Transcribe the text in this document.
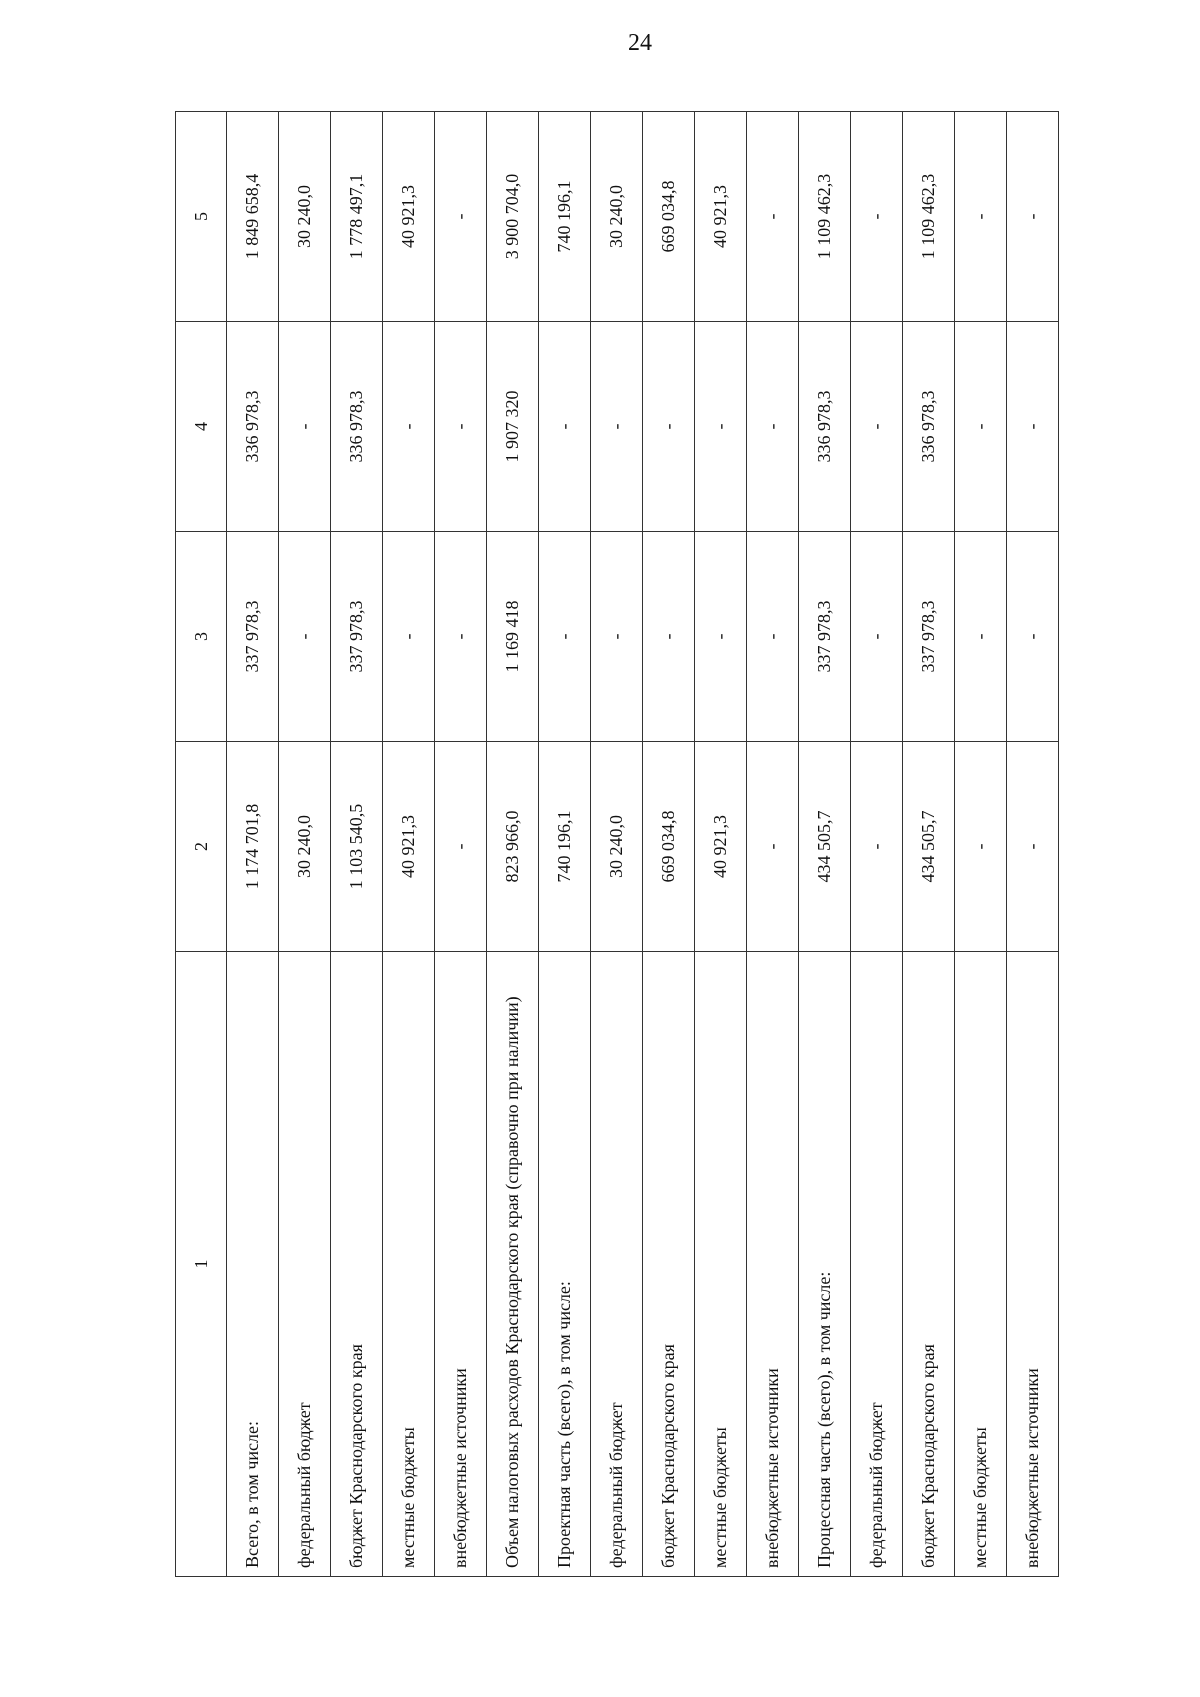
24
1	2	3	4	5
Всего, в том числе:	1 174 701,8	337 978,3	336 978,3	1 849 658,4
федеральный бюджет	30 240,0	-	-	30 240,0
бюджет Краснодарского края	1 103 540,5	337 978,3	336 978,3	1 778 497,1
местные бюджеты	40 921,3	-	-	40 921,3
внебюджетные источники	-	-	-	-
Объем налоговых расходов Краснодарского края (справочно при наличии)	823 966,0	1 169 418	1 907 320	3 900 704,0
Проектная часть (всего), в том числе:	740 196,1	-	-	740 196,1
федеральный бюджет	30 240,0	-	-	30 240,0
бюджет Краснодарского края	669 034,8	-	-	669 034,8
местные бюджеты	40 921,3	-	-	40 921,3
внебюджетные источники	-	-	-	-
Процессная часть (всего), в том числе:	434 505,7	337 978,3	336 978,3	1 109 462,3
федеральный бюджет	-	-	-	-
бюджет Краснодарского края	434 505,7	337 978,3	336 978,3	1 109 462,3
местные бюджеты	-	-	-	-
внебюджетные источники	-	-	-	-
